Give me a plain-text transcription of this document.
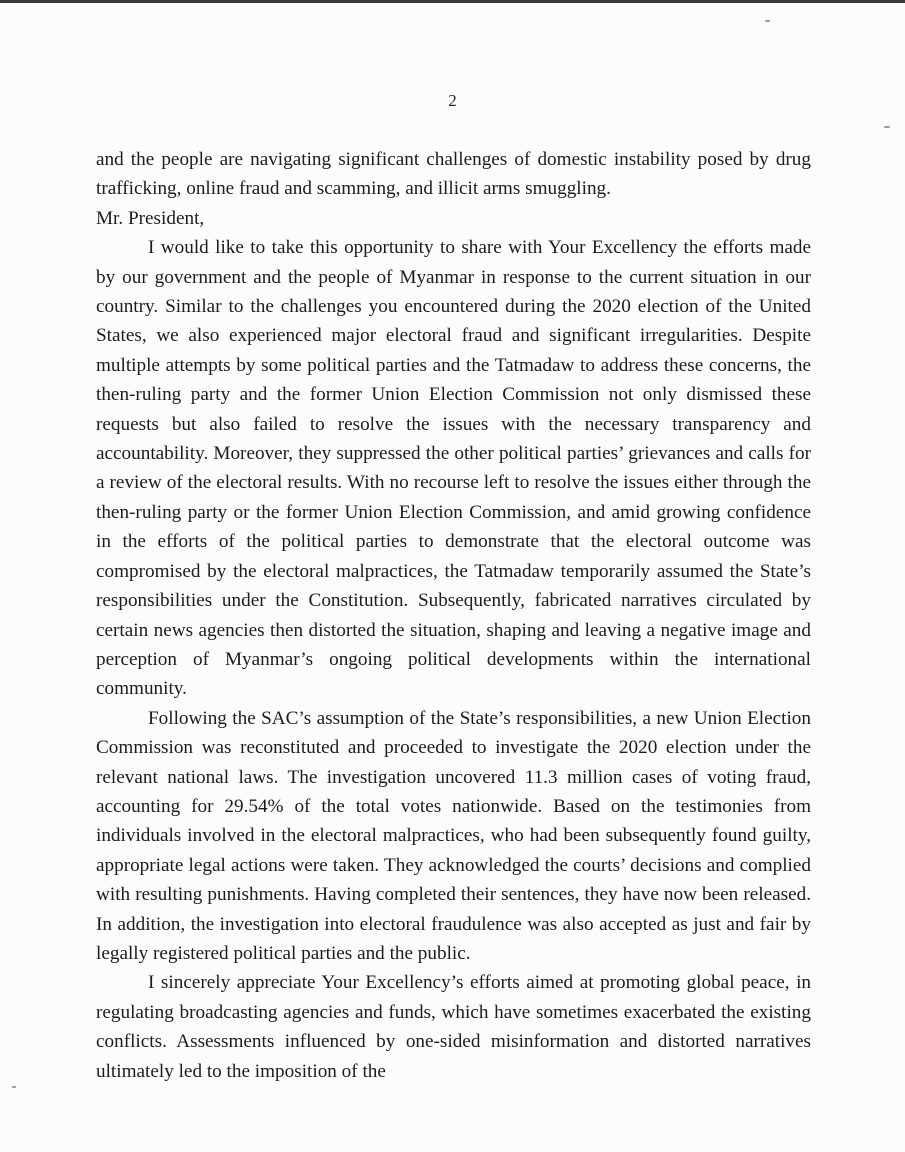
2

and the people are navigating significant challenges of domestic instability posed by drug trafficking, online fraud and scamming, and illicit arms smuggling.

Mr. President,

I would like to take this opportunity to share with Your Excellency the efforts made by our government and the people of Myanmar in response to the current situation in our country. Similar to the challenges you encountered during the 2020 election of the United States, we also experienced major electoral fraud and significant irregularities. Despite multiple attempts by some political parties and the Tatmadaw to address these concerns, the then-ruling party and the former Union Election Commission not only dismissed these requests but also failed to resolve the issues with the necessary transparency and accountability. Moreover, they suppressed the other political parties’ grievances and calls for a review of the electoral results. With no recourse left to resolve the issues either through the then-ruling party or the former Union Election Commission, and amid growing confidence in the efforts of the political parties to demonstrate that the electoral outcome was compromised by the electoral malpractices, the Tatmadaw temporarily assumed the State’s responsibilities under the Constitution. Subsequently, fabricated narratives circulated by certain news agencies then distorted the situation, shaping and leaving a negative image and perception of Myanmar’s ongoing political developments within the international community.

Following the SAC’s assumption of the State’s responsibilities, a new Union Election Commission was reconstituted and proceeded to investigate the 2020 election under the relevant national laws. The investigation uncovered 11.3 million cases of voting fraud, accounting for 29.54% of the total votes nationwide. Based on the testimonies from individuals involved in the electoral malpractices, who had been subsequently found guilty, appropriate legal actions were taken. They acknowledged the courts’ decisions and complied with resulting punishments. Having completed their sentences, they have now been released. In addition, the investigation into electoral fraudulence was also accepted as just and fair by legally registered political parties and the public.

I sincerely appreciate Your Excellency’s efforts aimed at promoting global peace, in regulating broadcasting agencies and funds, which have sometimes exacerbated the existing conflicts. Assessments influenced by one-sided misinformation and distorted narratives ultimately led to the imposition of the
